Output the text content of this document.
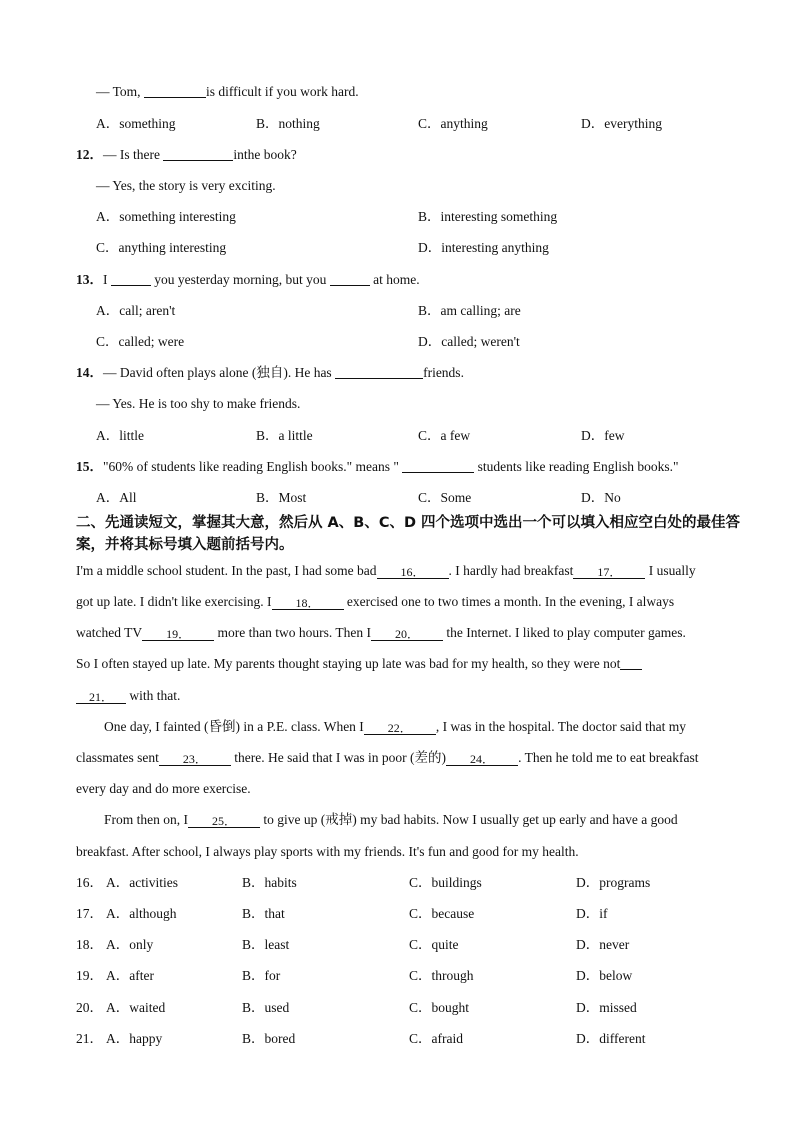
— Tom,	is difficult if you work hard.
A．something	B．nothing	C．anything	D．everything
12．— Is there	inthe book?
— Yes, the story is very exciting.
A．something interesting	B．interesting something
C．anything interesting	D．interesting anything
13．I	you yesterday morning, but you	at home.
A．call; aren't	B．am calling; are
C．called; were	D．called; weren't
14．— David often plays alone (独自). He has	friends.
— Yes. He is too shy to make friends.
A．little	B．a little	C．a few	D．few
15．"60% of students like reading English books." means "	students like reading English books."
A．All	B．Most	C．Some	D．No
二、先通读短文，掌握其大意，然后从 A、B、C、D 四个选项中选出一个可以填入相应空白处的最佳答案，并将其标号填入题前括号内。
I'm a middle school student. In the past, I had some bad 16． . I hardly had breakfast 17． I usually
got up late. I didn't like exercising. I 18． exercised one to two times a month. In the evening, I always
watched TV 19． more than two hours. Then I 20． the Internet. I liked to play computer games.
So I often stayed up late. My parents thought staying up late was bad for my health, so they were not
21． with that.
One day, I fainted (昏倒) in a P.E. class. When I 22． , I was in the hospital. The doctor said that my
classmates sent 23． there. He said that I was in poor (差的) 24． . Then he told me to eat breakfast
every day and do more exercise.
From then on, I 25． to give up (戒掉) my bad habits. Now I usually get up early and have a good
breakfast. After school, I always play sports with my friends. It's fun and good for my health.
16． A．activities	B．habits	C．buildings	D．programs
17． A．although	B．that	C．because	D．if
18． A．only	B．least	C．quite	D．never
19． A．after	B．for	C．through	D．below
20． A．waited	B．used	C．bought	D．missed
21． A．happy	B．bored	C．afraid	D．different
